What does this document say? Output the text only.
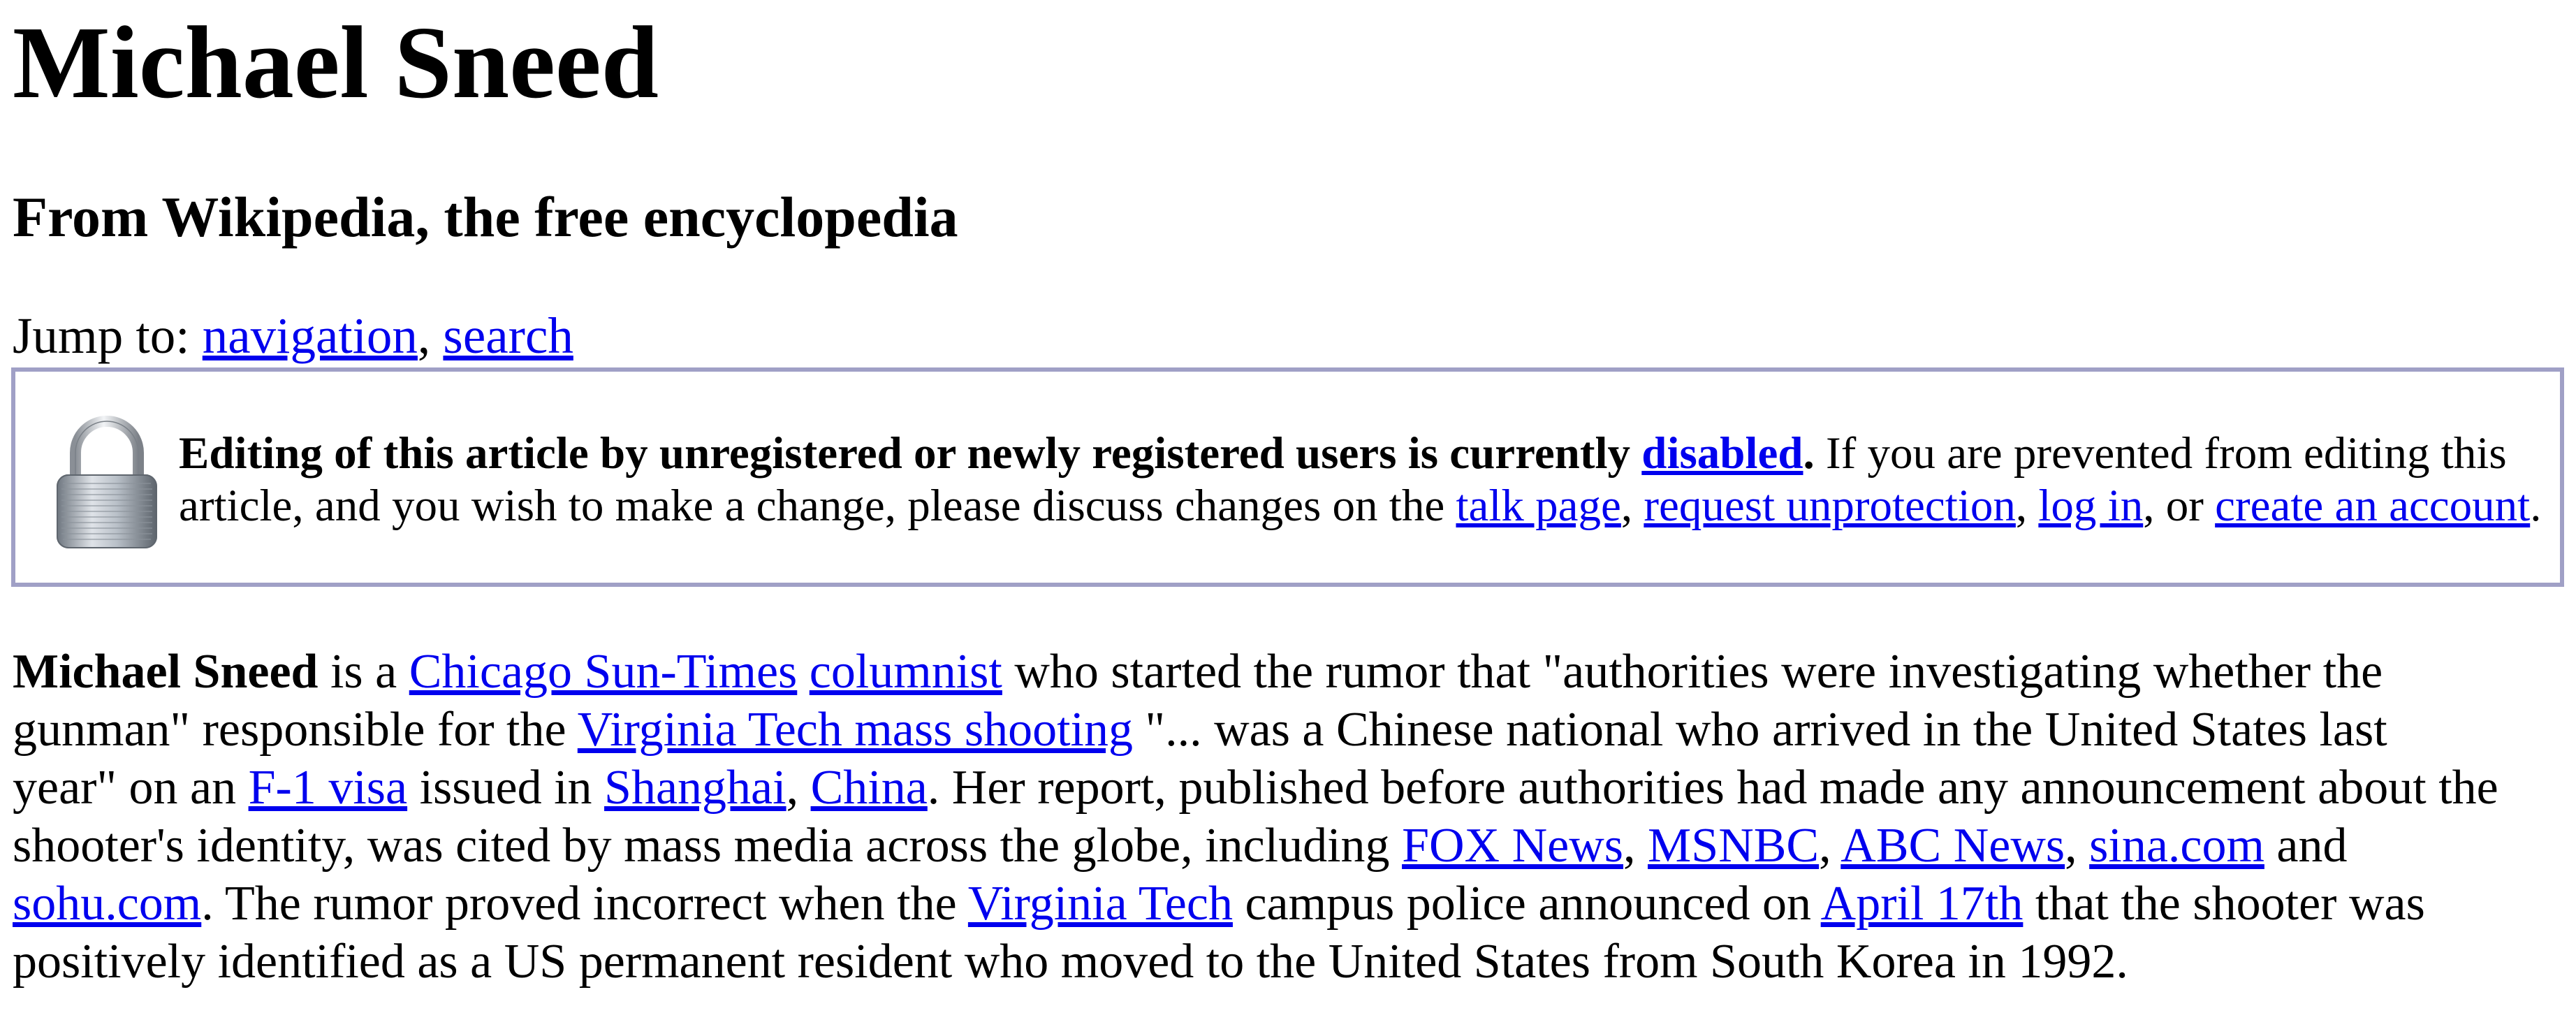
Michael Sneed
From Wikipedia, the free encyclopedia
Jump to: navigation, search
Editing of this article by unregistered or newly registered users is currently disabled. If you are prevented from editing this
article, and you wish to make a change, please discuss changes on the talk page, request unprotection, log in, or create an account.
Michael Sneed is a Chicago Sun-Times columnist who started the rumor that "authorities were investigating whether the
gunman" responsible for the Virginia Tech mass shooting "... was a Chinese national who arrived in the United States last
year" on an F-1 visa issued in Shanghai, China. Her report, published before authorities had made any announcement about the
shooter's identity, was cited by mass media across the globe, including FOX News, MSNBC, ABC News, sina.com and
sohu.com. The rumor proved incorrect when the Virginia Tech campus police announced on April 17th that the shooter was
positively identified as a US permanent resident who moved to the United States from South Korea in 1992.
